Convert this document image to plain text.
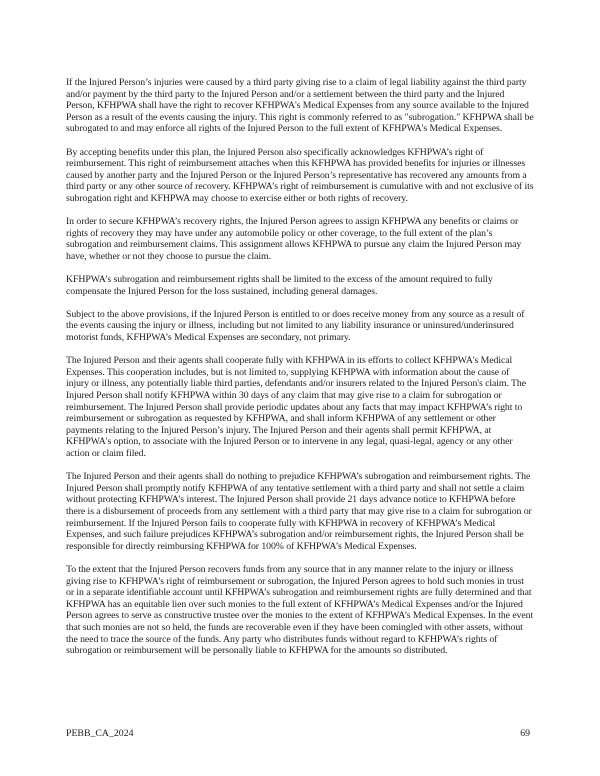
If the Injured Person’s injuries were caused by a third party giving rise to a claim of legal liability against the third party and/or payment by the third party to the Injured Person and/or a settlement between the third party and the Injured Person, KFHPWA shall have the right to recover KFHPWA's Medical Expenses from any source available to the Injured Person as a result of the events causing the injury. This right is commonly referred to as "subrogation." KFHPWA shall be subrogated to and may enforce all rights of the Injured Person to the full extent of KFHPWA's Medical Expenses.

By accepting benefits under this plan, the Injured Person also specifically acknowledges KFHPWA’s right of reimbursement. This right of reimbursement attaches when this KFHPWA has provided benefits for injuries or illnesses caused by another party and the Injured Person or the Injured Person’s representative has recovered any amounts from a third party or any other source of recovery. KFHPWA’s right of reimbursement is cumulative with and not exclusive of its subrogation right and KFHPWA may choose to exercise either or both rights of recovery.

In order to secure KFHPWA’s recovery rights, the Injured Person agrees to assign KFHPWA any benefits or claims or rights of recovery they may have under any automobile policy or other coverage, to the full extent of the plan’s subrogation and reimbursement claims. This assignment allows KFHPWA to pursue any claim the Injured Person may have, whether or not they choose to pursue the claim.

KFHPWA’s subrogation and reimbursement rights shall be limited to the excess of the amount required to fully compensate the Injured Person for the loss sustained, including general damages.

Subject to the above provisions, if the Injured Person is entitled to or does receive money from any source as a result of the events causing the injury or illness, including but not limited to any liability insurance or uninsured/underinsured motorist funds, KFHPWA’s Medical Expenses are secondary, not primary.

The Injured Person and their agents shall cooperate fully with KFHPWA in its efforts to collect KFHPWA's Medical Expenses. This cooperation includes, but is not limited to, supplying KFHPWA with information about the cause of injury or illness, any potentially liable third parties, defendants and/or insurers related to the Injured Person's claim. The Injured Person shall notify KFHPWA within 30 days of any claim that may give rise to a claim for subrogation or reimbursement. The Injured Person shall provide periodic updates about any facts that may impact KFHPWA’s right to reimbursement or subrogation as requested by KFHPWA, and shall inform KFHPWA of any settlement or other payments relating to the Injured Person’s injury. The Injured Person and their agents shall permit KFHPWA, at KFHPWA's option, to associate with the Injured Person or to intervene in any legal, quasi-legal, agency or any other action or claim filed.

The Injured Person and their agents shall do nothing to prejudice KFHPWA’s subrogation and reimbursement rights. The Injured Person shall promptly notify KFHPWA of any tentative settlement with a third party and shall not settle a claim without protecting KFHPWA’s interest. The Injured Person shall provide 21 days advance notice to KFHPWA before there is a disbursement of proceeds from any settlement with a third party that may give rise to a claim for subrogation or reimbursement. If the Injured Person fails to cooperate fully with KFHPWA in recovery of KFHPWA’s Medical Expenses, and such failure prejudices KFHPWA’s subrogation and/or reimbursement rights, the Injured Person shall be responsible for directly reimbursing KFHPWA for 100% of KFHPWA’s Medical Expenses.

To the extent that the Injured Person recovers funds from any source that in any manner relate to the injury or illness giving rise to KFHPWA’s right of reimbursement or subrogation, the Injured Person agrees to hold such monies in trust or in a separate identifiable account until KFHPWA’s subrogation and reimbursement rights are fully determined and that KFHPWA has an equitable lien over such monies to the full extent of KFHPWA’s Medical Expenses and/or the Injured Person agrees to serve as constructive trustee over the monies to the extent of KFHPWA’s Medical Expenses. In the event that such monies are not so held, the funds are recoverable even if they have been comingled with other assets, without the need to trace the source of the funds. Any party who distributes funds without regard to KFHPWA’s rights of subrogation or reimbursement will be personally liable to KFHPWA for the amounts so distributed.

PEBB_CA_2024	69
